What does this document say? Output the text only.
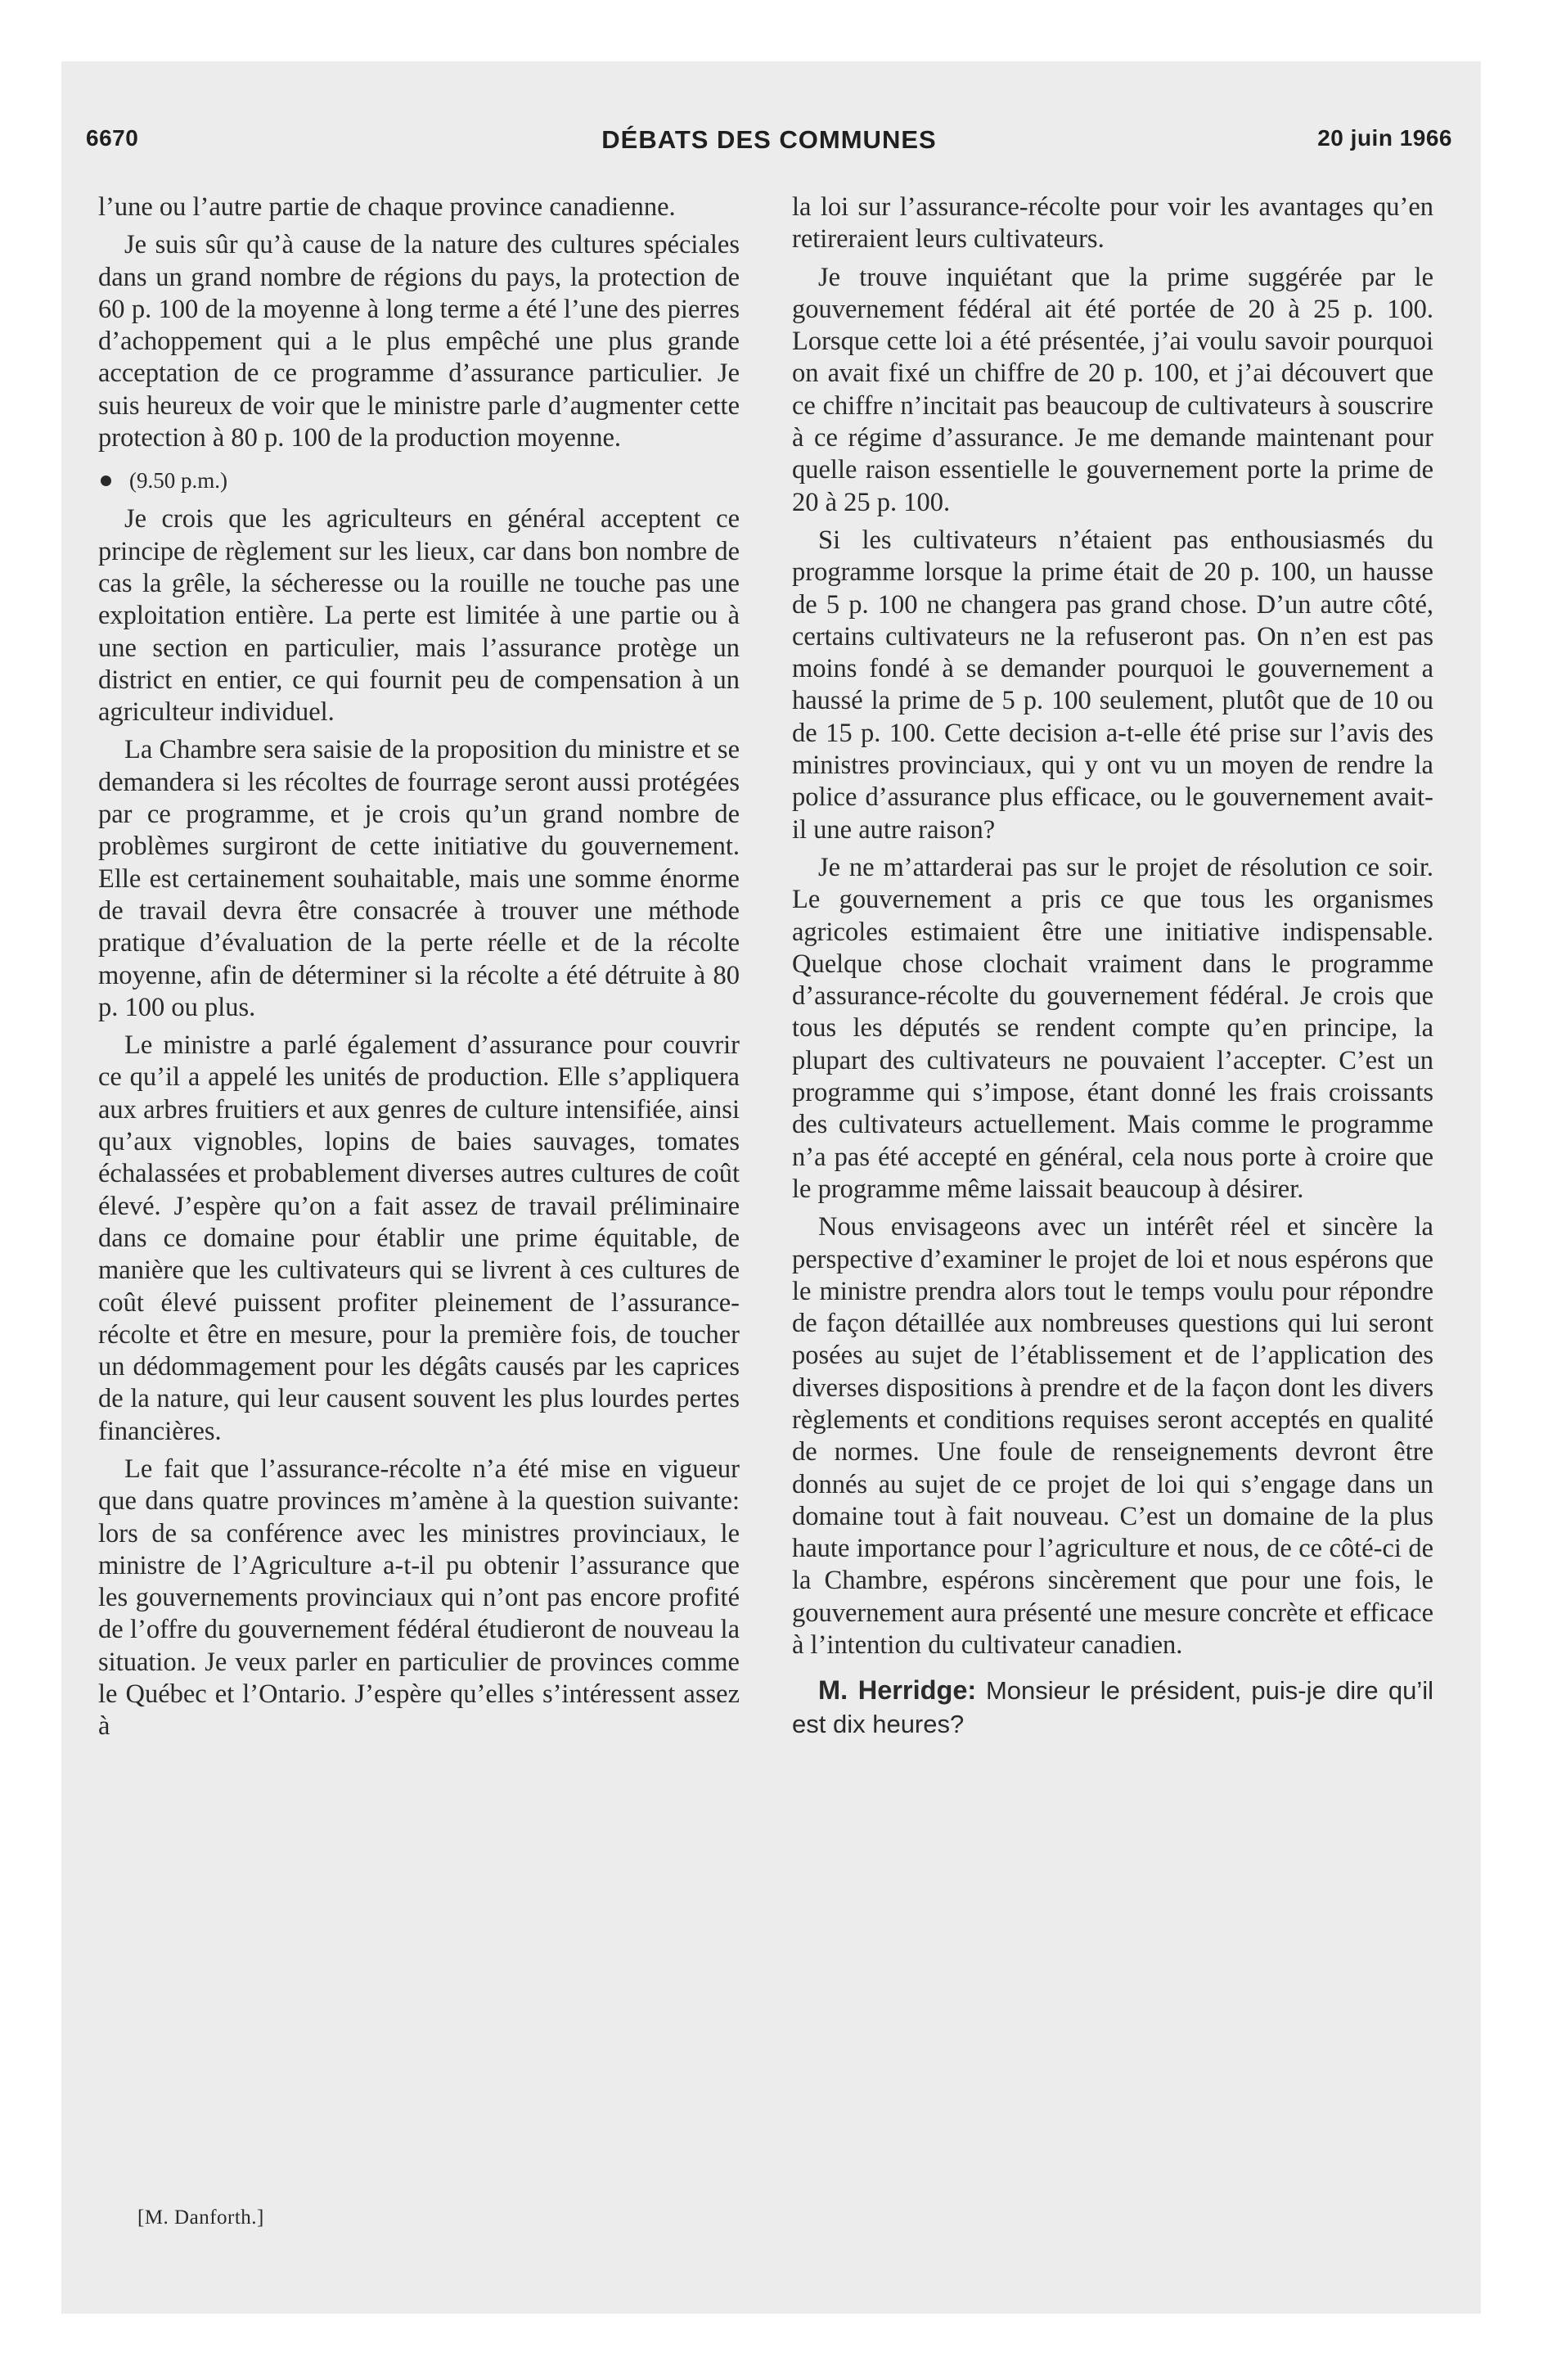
6670	DÉBATS DES COMMUNES	20 juin 1966

l’une ou l’autre partie de chaque province canadienne.

Je suis sûr qu’à cause de la nature des cultures spéciales dans un grand nombre de régions du pays, la protection de 60 p. 100 de la moyenne à long terme a été l’une des pierres d’achoppement qui a le plus empêché une plus grande acceptation de ce programme d’assurance particulier. Je suis heureux de voir que le ministre parle d’augmenter cette protection à 80 p. 100 de la production moyenne.

(9.50 p.m.)

Je crois que les agriculteurs en général acceptent ce principe de règlement sur les lieux, car dans bon nombre de cas la grêle, la sécheresse ou la rouille ne touche pas une exploitation entière. La perte est limitée à une partie ou à une section en particulier, mais l’assurance protège un district en entier, ce qui fournit peu de compensation à un agriculteur individuel.

La Chambre sera saisie de la proposition du ministre et se demandera si les récoltes de fourrage seront aussi protégées par ce programme, et je crois qu’un grand nombre de problèmes surgiront de cette initiative du gouvernement. Elle est certainement souhaitable, mais une somme énorme de travail devra être consacrée à trouver une méthode pratique d’évaluation de la perte réelle et de la récolte moyenne, afin de déterminer si la récolte a été détruite à 80 p. 100 ou plus.

Le ministre a parlé également d’assurance pour couvrir ce qu’il a appelé les unités de production. Elle s’appliquera aux arbres fruitiers et aux genres de culture intensifiée, ainsi qu’aux vignobles, lopins de baies sauvages, tomates échalassées et probablement diverses autres cultures de coût élevé. J’espère qu’on a fait assez de travail préliminaire dans ce domaine pour établir une prime équitable, de manière que les cultivateurs qui se livrent à ces cultures de coût élevé puissent profiter pleinement de l’assurance-récolte et être en mesure, pour la première fois, de toucher un dédommagement pour les dégâts causés par les caprices de la nature, qui leur causent souvent les plus lourdes pertes financières.

Le fait que l’assurance-récolte n’a été mise en vigueur que dans quatre provinces m’amène à la question suivante: lors de sa conférence avec les ministres provinciaux, le ministre de l’Agriculture a-t-il pu obtenir l’assurance que les gouvernements provinciaux qui n’ont pas encore profité de l’offre du gouvernement fédéral étudieront de nouveau la situation. Je veux parler en particulier de provinces comme le Québec et l’Ontario. J’espère qu’elles s’intéressent assez à

la loi sur l’assurance-récolte pour voir les avantages qu’en retireraient leurs cultivateurs.

Je trouve inquiétant que la prime suggérée par le gouvernement fédéral ait été portée de 20 à 25 p. 100. Lorsque cette loi a été présentée, j’ai voulu savoir pourquoi on avait fixé un chiffre de 20 p. 100, et j’ai découvert que ce chiffre n’incitait pas beaucoup de cultivateurs à souscrire à ce régime d’assurance. Je me demande maintenant pour quelle raison essentielle le gouvernement porte la prime de 20 à 25 p. 100.

Si les cultivateurs n’étaient pas enthousiasmés du programme lorsque la prime était de 20 p. 100, un hausse de 5 p. 100 ne changera pas grand chose. D’un autre côté, certains cultivateurs ne la refuseront pas. On n’en est pas moins fondé à se demander pourquoi le gouvernement a haussé la prime de 5 p. 100 seulement, plutôt que de 10 ou de 15 p. 100. Cette decision a-t-elle été prise sur l’avis des ministres provinciaux, qui y ont vu un moyen de rendre la police d’assurance plus efficace, ou le gouvernement avait-il une autre raison?

Je ne m’attarderai pas sur le projet de résolution ce soir. Le gouvernement a pris ce que tous les organismes agricoles estimaient être une initiative indispensable. Quelque chose clochait vraiment dans le programme d’assurance-récolte du gouvernement fédéral. Je crois que tous les députés se rendent compte qu’en principe, la plupart des cultivateurs ne pouvaient l’accepter. C’est un programme qui s’impose, étant donné les frais croissants des cultivateurs actuellement. Mais comme le programme n’a pas été accepté en général, cela nous porte à croire que le programme même laissait beaucoup à désirer.

Nous envisageons avec un intérêt réel et sincère la perspective d’examiner le projet de loi et nous espérons que le ministre prendra alors tout le temps voulu pour répondre de façon détaillée aux nombreuses questions qui lui seront posées au sujet de l’établissement et de l’application des diverses dispositions à prendre et de la façon dont les divers règlements et conditions requises seront acceptés en qualité de normes. Une foule de renseignements devront être donnés au sujet de ce projet de loi qui s’engage dans un domaine tout à fait nouveau. C’est un domaine de la plus haute importance pour l’agriculture et nous, de ce côté-ci de la Chambre, espérons sincèrement que pour une fois, le gouvernement aura présenté une mesure concrète et efficace à l’intention du cultivateur canadien.

M. Herridge: Monsieur le président, puis-je dire qu’il est dix heures?

[M. Danforth.]
